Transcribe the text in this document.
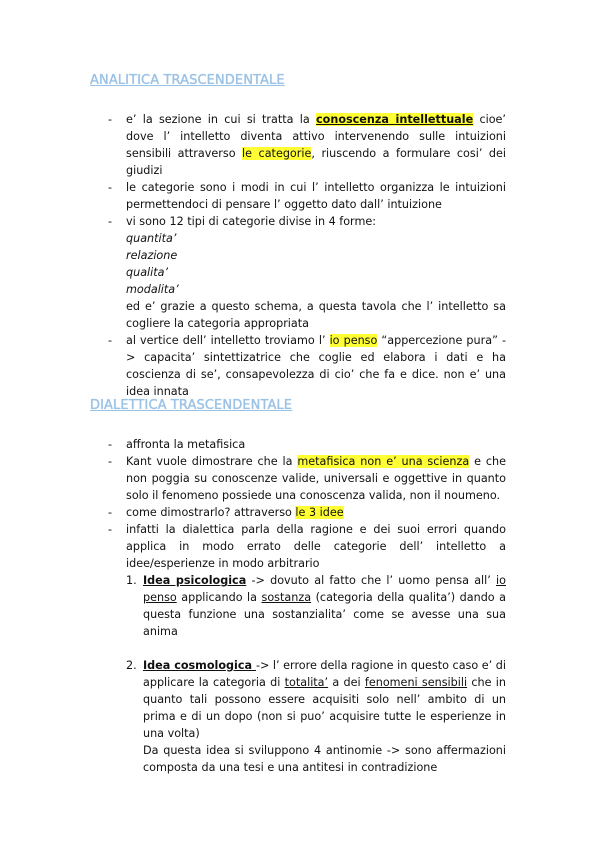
ANALITICA TRASCENDENTALE
- e’ la sezione in cui si tratta la conoscenza intellettuale cioe’ dove l’ intelletto diventa attivo intervenendo sulle intuizioni sensibili attraverso le categorie, riuscendo a formulare cosi’ dei giudizi
- le categorie sono i modi in cui l’ intelletto organizza le intuizioni permettendoci di pensare l’ oggetto dato dall’ intuizione
- vi sono 12 tipi di categorie divise in 4 forme:
quantita’
relazione
qualita’
modalita’
ed e’ grazie a questo schema, a questa tavola che l’ intelletto sa cogliere la categoria appropriata
- al vertice dell’ intelletto troviamo l’ io penso “appercezione pura” -> capacita’ sintettizatrice che coglie ed elabora i dati e ha coscienza di se’, consapevolezza di cio’ che fa e dice. non e’ una idea innata
DIALETTICA TRASCENDENTALE
- affronta la metafisica
- Kant vuole dimostrare che la metafisica non e’ una scienza e che non poggia su conoscenze valide, universali e oggettive in quanto solo il fenomeno possiede una conoscenza valida, non il noumeno.
- come dimostrarlo? attraverso le 3 idee
- infatti la dialettica parla della ragione e dei suoi errori quando applica in modo errato delle categorie dell’ intelletto a idee/esperienze in modo arbitrario
1. Idea psicologica -> dovuto al fatto che l’ uomo pensa all’ io penso applicando la sostanza (categoria della qualita’) dando a questa funzione una sostanzialita’ come se avesse una sua anima
2. Idea cosmologica -> l’ errore della ragione in questo caso e’ di applicare la categoria di totalita’ a dei fenomeni sensibili che in quanto tali possono essere acquisiti solo nell’ ambito di un prima e di un dopo (non si puo’ acquisire tutte le esperienze in una volta)
Da questa idea si sviluppono 4 antinomie -> sono affermazioni composta da una tesi e una antitesi in contradizione
